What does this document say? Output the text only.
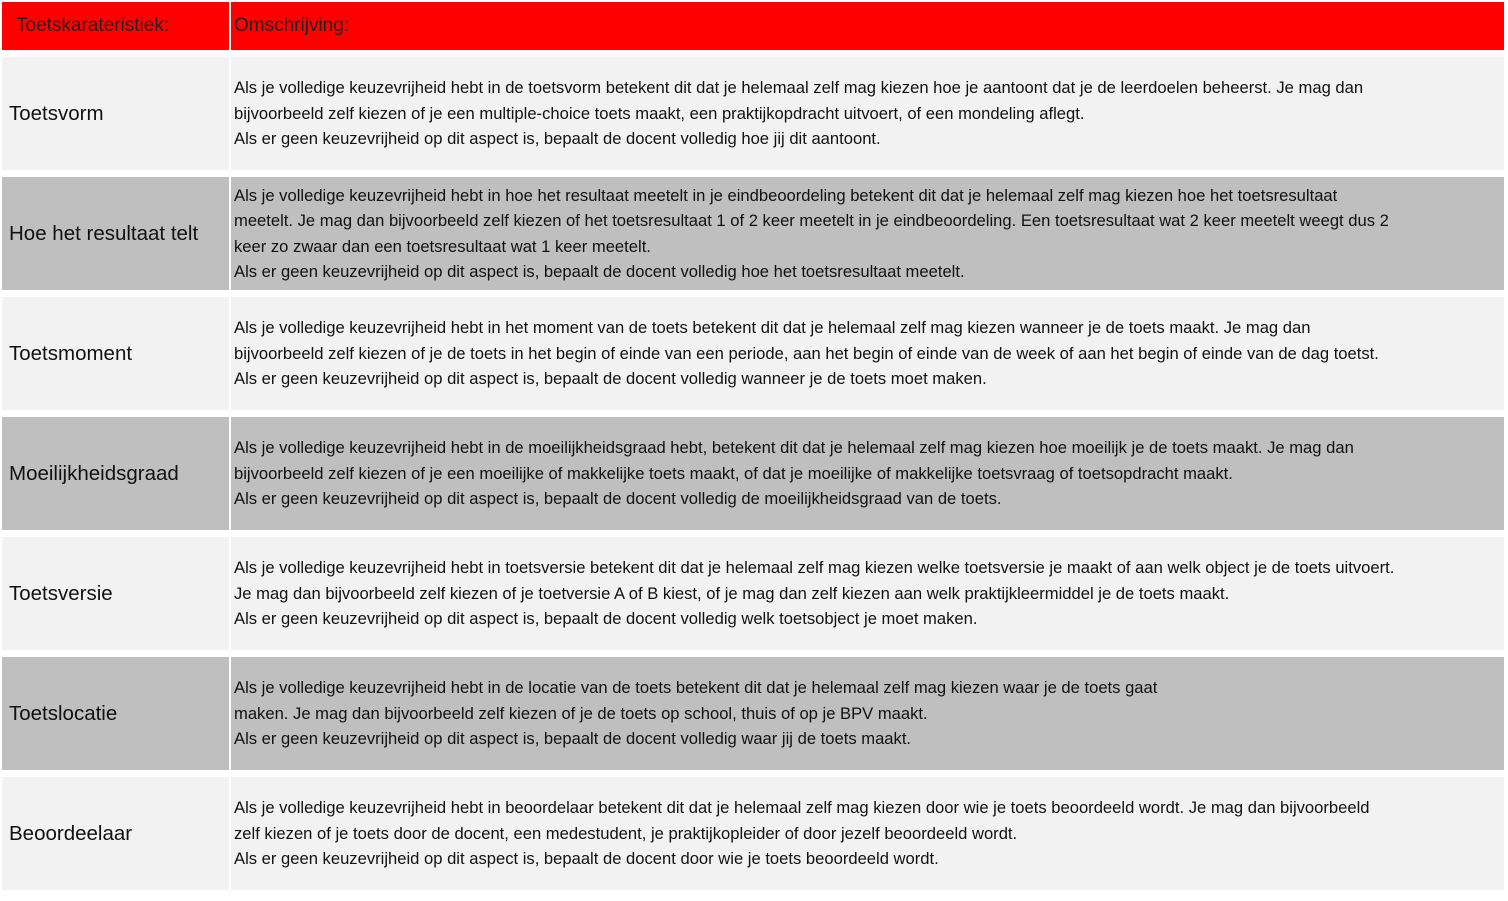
Toetskarateristiek:	Omschrijving:
Toetsvorm
Als je volledige keuzevrijheid hebt in de toetsvorm betekent dit dat je helemaal zelf mag kiezen hoe je aantoont dat je de leerdoelen beheerst. Je mag dan
bijvoorbeeld zelf kiezen of je een multiple-choice toets maakt, een praktijkopdracht uitvoert, of een mondeling aflegt.
Als er geen keuzevrijheid op dit aspect is, bepaalt de docent volledig hoe jij dit aantoont.
Hoe het resultaat telt
Als je volledige keuzevrijheid hebt in hoe het resultaat meetelt in je eindbeoordeling betekent dit dat je helemaal zelf mag kiezen hoe het toetsresultaat
meetelt. Je mag dan bijvoorbeeld zelf kiezen of het toetsresultaat 1 of 2 keer meetelt in je eindbeoordeling. Een toetsresultaat wat 2 keer meetelt weegt dus 2
keer zo zwaar dan een toetsresultaat wat 1 keer meetelt.
Als er geen keuzevrijheid op dit aspect is, bepaalt de docent volledig hoe het toetsresultaat meetelt.
Toetsmoment
Als je volledige keuzevrijheid hebt in het moment van de toets betekent dit dat je helemaal zelf mag kiezen wanneer je de toets maakt. Je mag dan
bijvoorbeeld zelf kiezen of je de toets in het begin of einde van een periode, aan het begin of einde van de week of aan het begin of einde van de dag toetst.
Als er geen keuzevrijheid op dit aspect is, bepaalt de docent volledig wanneer je de toets moet maken.
Moeilijkheidsgraad
Als je volledige keuzevrijheid hebt in de moeilijkheidsgraad hebt, betekent dit dat je helemaal zelf mag kiezen hoe moeilijk je de toets maakt. Je mag dan
bijvoorbeeld zelf kiezen of je een moeilijke of makkelijke toets maakt, of dat je moeilijke of makkelijke toetsvraag of toetsopdracht maakt.
Als er geen keuzevrijheid op dit aspect is, bepaalt de docent volledig de moeilijkheidsgraad van de toets.
Toetsversie
Als je volledige keuzevrijheid hebt in toetsversie betekent dit dat je helemaal zelf mag kiezen welke toetsversie je maakt of aan welk object je de toets uitvoert.
Je mag dan bijvoorbeeld zelf kiezen of je toetversie A of B kiest, of je mag dan zelf kiezen aan welk praktijkleermiddel je de toets maakt.
Als er geen keuzevrijheid op dit aspect is, bepaalt de docent volledig welk toetsobject je moet maken.
Toetslocatie
Als je volledige keuzevrijheid hebt in de locatie van de toets betekent dit dat je helemaal zelf mag kiezen waar je de toets gaat
maken. Je mag dan bijvoorbeeld zelf kiezen of je de toets op school, thuis of op je BPV maakt.
Als er geen keuzevrijheid op dit aspect is, bepaalt de docent volledig waar jij de toets maakt.
Beoordeelaar
Als je volledige keuzevrijheid hebt in beoordelaar betekent dit dat je helemaal zelf mag kiezen door wie je toets beoordeeld wordt. Je mag dan bijvoorbeeld
zelf kiezen of je toets door de docent, een medestudent, je praktijkopleider of door jezelf beoordeeld wordt.
Als er geen keuzevrijheid op dit aspect is, bepaalt de docent door wie je toets beoordeeld wordt.
